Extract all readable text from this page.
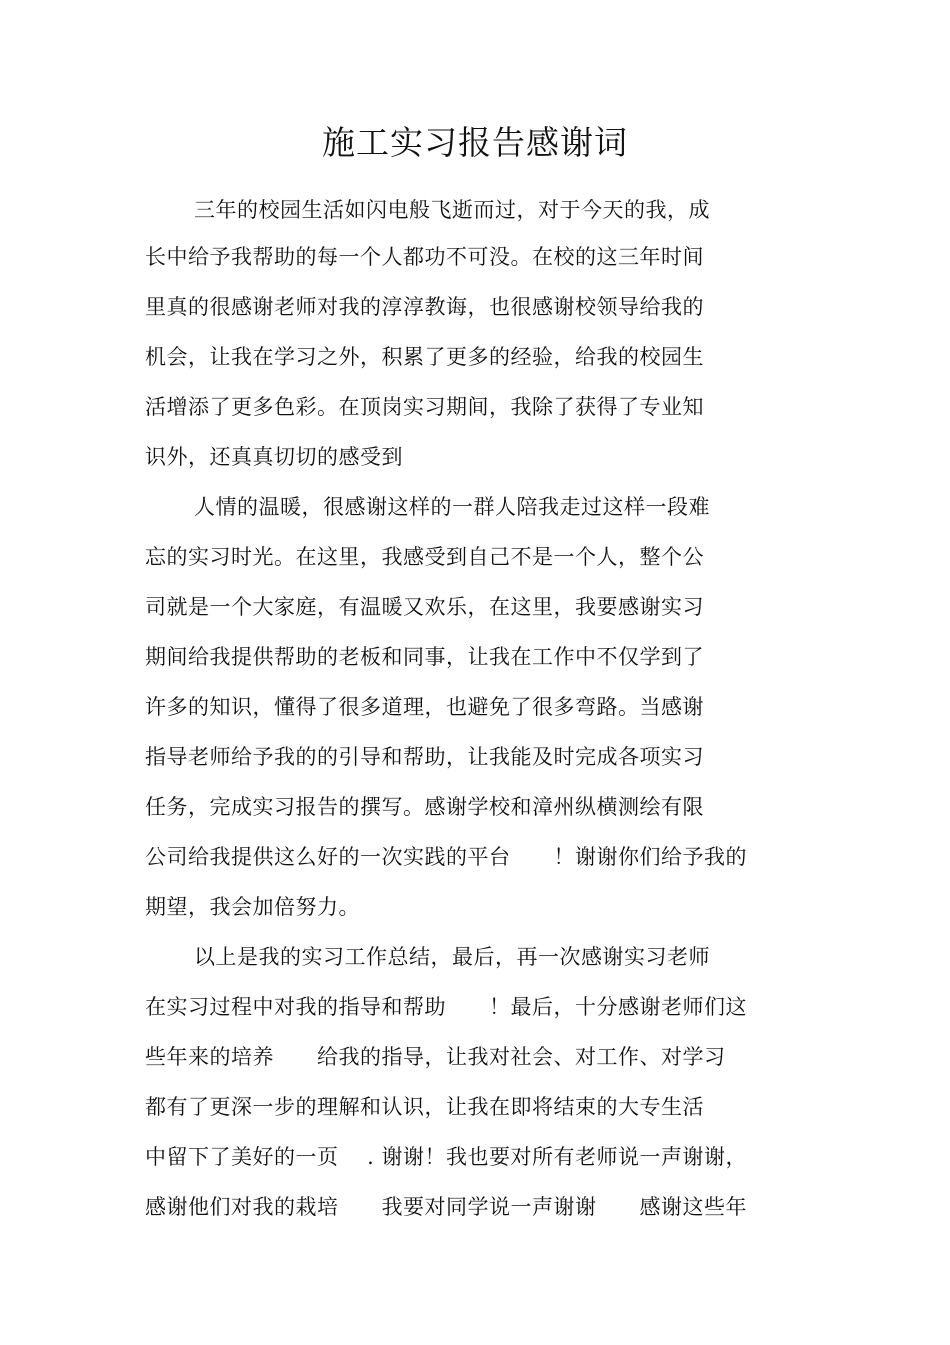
施工实习报告感谢词
三年的校园生活如闪电般飞逝而过，对于今天的我，成
长中给予我帮助的每一个人都功不可没。在校的这三年时间
里真的很感谢老师对我的淳淳教诲，也很感谢校领导给我的
机会，让我在学习之外，积累了更多的经验，给我的校园生
活增添了更多色彩。在顶岗实习期间，我除了获得了专业知
识外，还真真切切的感受到
人情的温暖，很感谢这样的一群人陪我走过这样一段难
忘的实习时光。在这里，我感受到自己不是一个人，整个公
司就是一个大家庭，有温暖又欢乐，在这里，我要感谢实习
期间给我提供帮助的老板和同事，让我在工作中不仅学到了
许多的知识，懂得了很多道理，也避免了很多弯路。当感谢
指导老师给予我的的引导和帮助，让我能及时完成各项实习
任务，完成实习报告的撰写。感谢学校和漳州纵横测绘有限
公司给我提供这么好的一次实践的平台　　！谢谢你们给予我的
期望，我会加倍努力。
以上是我的实习工作总结，最后，再一次感谢实习老师
在实习过程中对我的指导和帮助　　！最后，十分感谢老师们这
些年来的培养　　给我的指导，让我对社会、对工作、对学习
都有了更深一步的理解和认识，让我在即将结束的大专生活
中留下了美好的一页　 . 谢谢！我也要对所有老师说一声谢谢，
感谢他们对我的栽培　　我要对同学说一声谢谢　　感谢这些年
